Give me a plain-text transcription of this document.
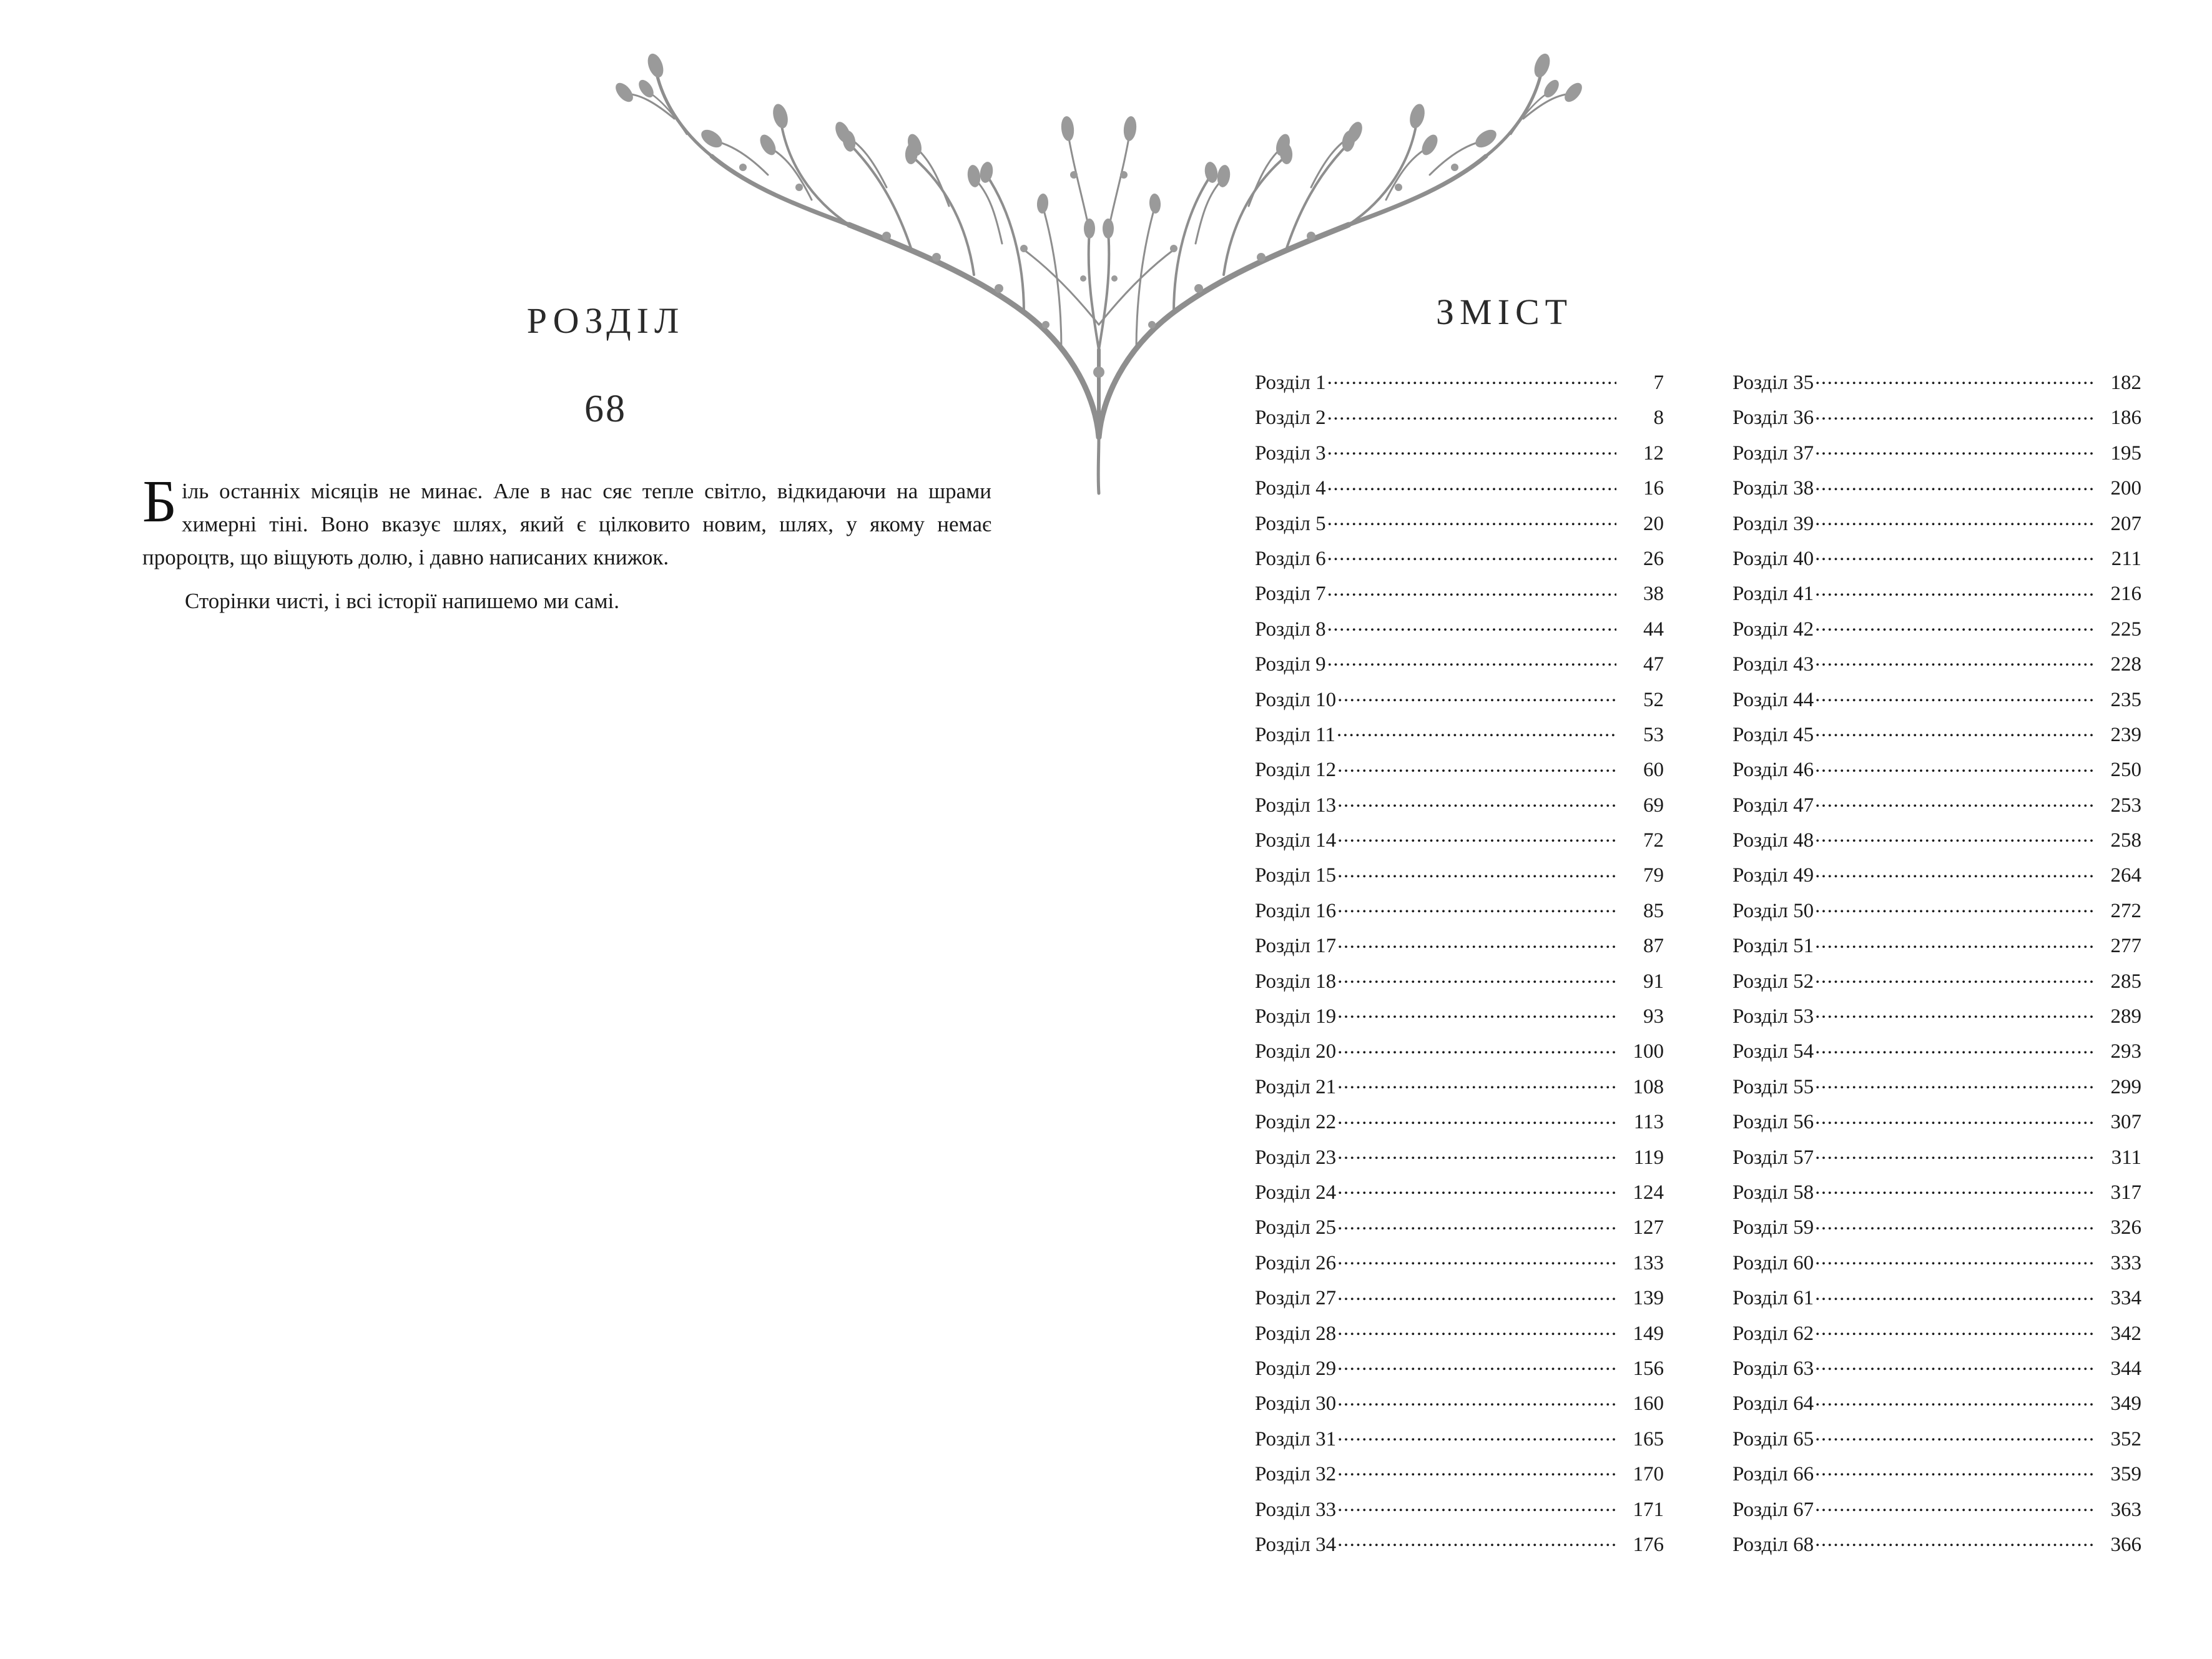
РОЗДІЛ
68

Біль останніх місяців не минає. Але в нас сяє тепле світло, відкидаючи на шрами химерні тіні. Воно вказує шлях, який є цілковито новим, шлях, у якому немає пророцтв, що віщують долю, і давно написаних книжок.

Сторінки чисті, і всі історії напишемо ми самі.

ЗМІСТ
Розділ 1 .....	7
Розділ 2 .....	8
Розділ 3 .....	12
Розділ 4 .....	16
Розділ 5 .....	20
Розділ 6 .....	26
Розділ 7 .....	38
Розділ 8 .....	44
Розділ 9 .....	47
Розділ 10 .....	52
Розділ 11 .....	53
Розділ 12 .....	60
Розділ 13 .....	69
Розділ 14 .....	72
Розділ 15 .....	79
Розділ 16 .....	85
Розділ 17 .....	87
Розділ 18 .....	91
Розділ 19 .....	93
Розділ 20 .....	100
Розділ 21 .....	108
Розділ 22 .....	113
Розділ 23 .....	119
Розділ 24 .....	124
Розділ 25 .....	127
Розділ 26 .....	133
Розділ 27 .....	139
Розділ 28 .....	149
Розділ 29 .....	156
Розділ 30 .....	160
Розділ 31 .....	165
Розділ 32 .....	170
Розділ 33 .....	171
Розділ 34 .....	176
Розділ 35 .....	182
Розділ 36 .....	186
Розділ 37 .....	195
Розділ 38 .....	200
Розділ 39 .....	207
Розділ 40 .....	211
Розділ 41 .....	216
Розділ 42 .....	225
Розділ 43 .....	228
Розділ 44 .....	235
Розділ 45 .....	239
Розділ 46 .....	250
Розділ 47 .....	253
Розділ 48 .....	258
Розділ 49 .....	264
Розділ 50 .....	272
Розділ 51 .....	277
Розділ 52 .....	285
Розділ 53 .....	289
Розділ 54 .....	293
Розділ 55 .....	299
Розділ 56 .....	307
Розділ 57 .....	311
Розділ 58 .....	317
Розділ 59 .....	326
Розділ 60 .....	333
Розділ 61 .....	334
Розділ 62 .....	342
Розділ 63 .....	344
Розділ 64 .....	349
Розділ 65 .....	352
Розділ 66 .....	359
Розділ 67 .....	363
Розділ 68 .....	366
